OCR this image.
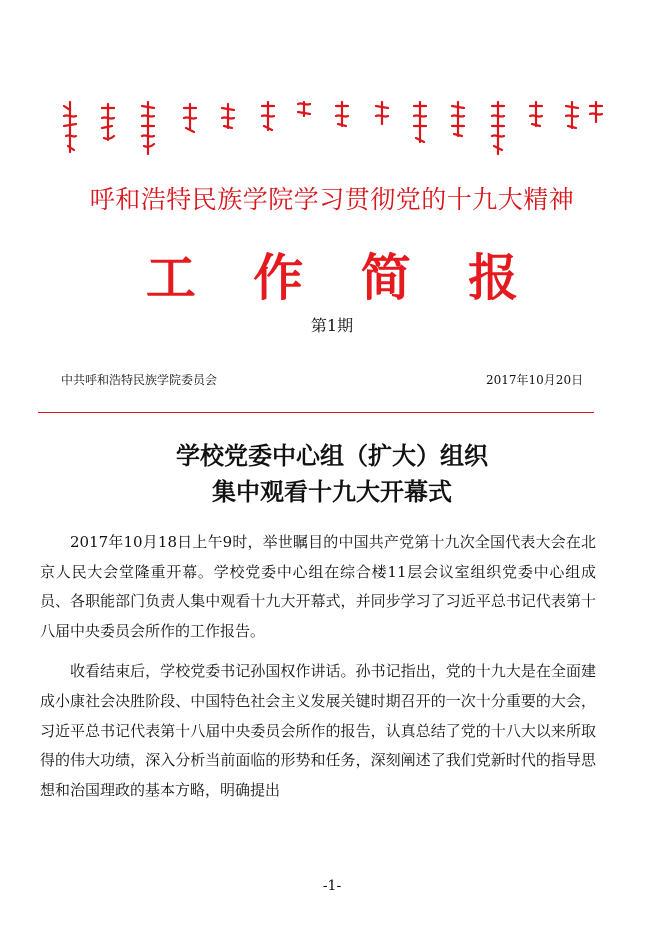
呼和浩特民族学院学习贯彻党的十九大精神
工 作 简 报
第1期
中共呼和浩特民族学院委员会	2017年10月20日
学校党委中心组（扩大）组织
集中观看十九大开幕式

2017年10月18日上午9时，举世瞩目的中国共产党第十九次全国代表大会在北京人民大会堂隆重开幕。学校党委中心组在综合楼11层会议室组织党委中心组成员、各职能部门负责人集中观看十九大开幕式，并同步学习了习近平总书记代表第十八届中央委员会所作的工作报告。

收看结束后，学校党委书记孙国权作讲话。孙书记指出，党的十九大是在全面建成小康社会决胜阶段、中国特色社会主义发展关键时期召开的一次十分重要的大会，习近平总书记代表第十八届中央委员会所作的报告，认真总结了党的十八大以来所取得的伟大功绩，深入分析当前面临的形势和任务，深刻阐述了我们党新时代的指导思想和治国理政的基本方略，明确提出

-1-
